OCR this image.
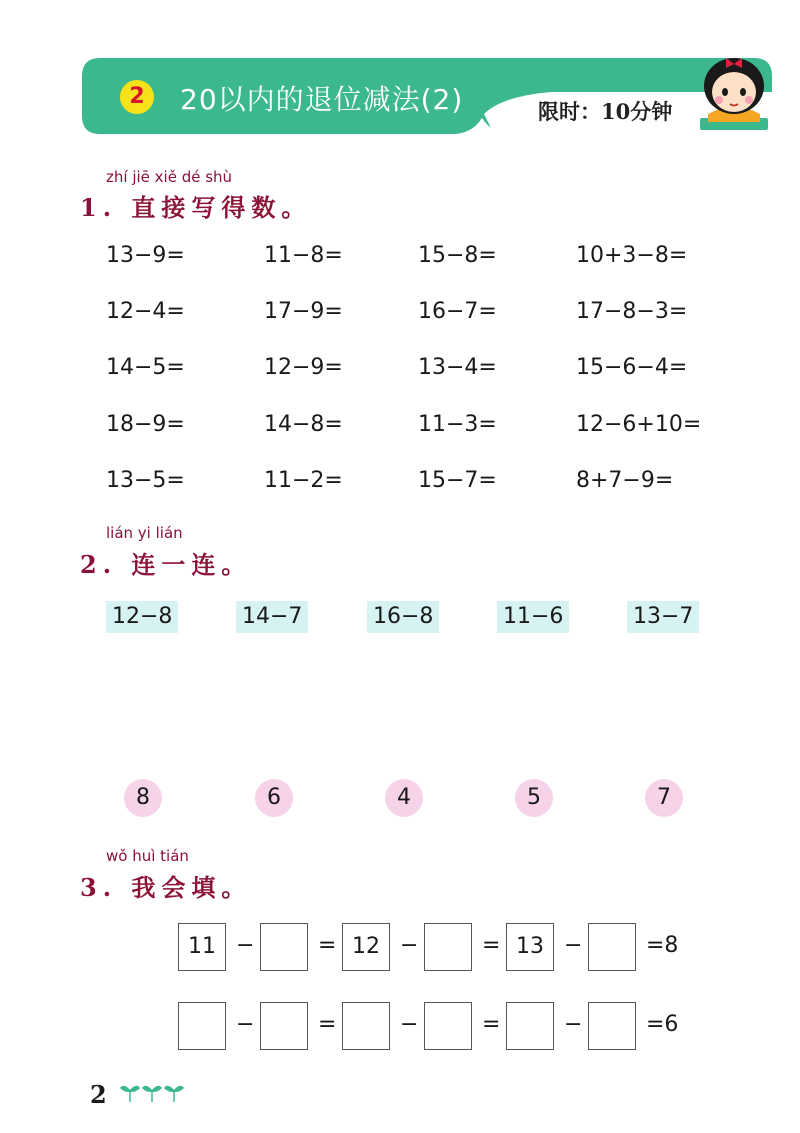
2	20以内的退位减法(2)	限时：10分钟
zhí jiē xiě dé shù
1. 直接写得数。
13−9=	11−8=	15−8=	10+3−8=
12−4=	17−9=	16−7=	17−8−3=
14−5=	12−9=	13−4=	15−6−4=
18−9=	14−8=	11−3=	12−6+10=
13−5=	11−2=	15−7=	8+7−9=
lián yi lián
2. 连一连。
12−8	14−7	16−8	11−6	13−7
8	6	4	5	7
wǒ huì tián
3. 我会填。
11 −	= 12 −	= 13 −	=8
−	=	−	=	−	=6
2
